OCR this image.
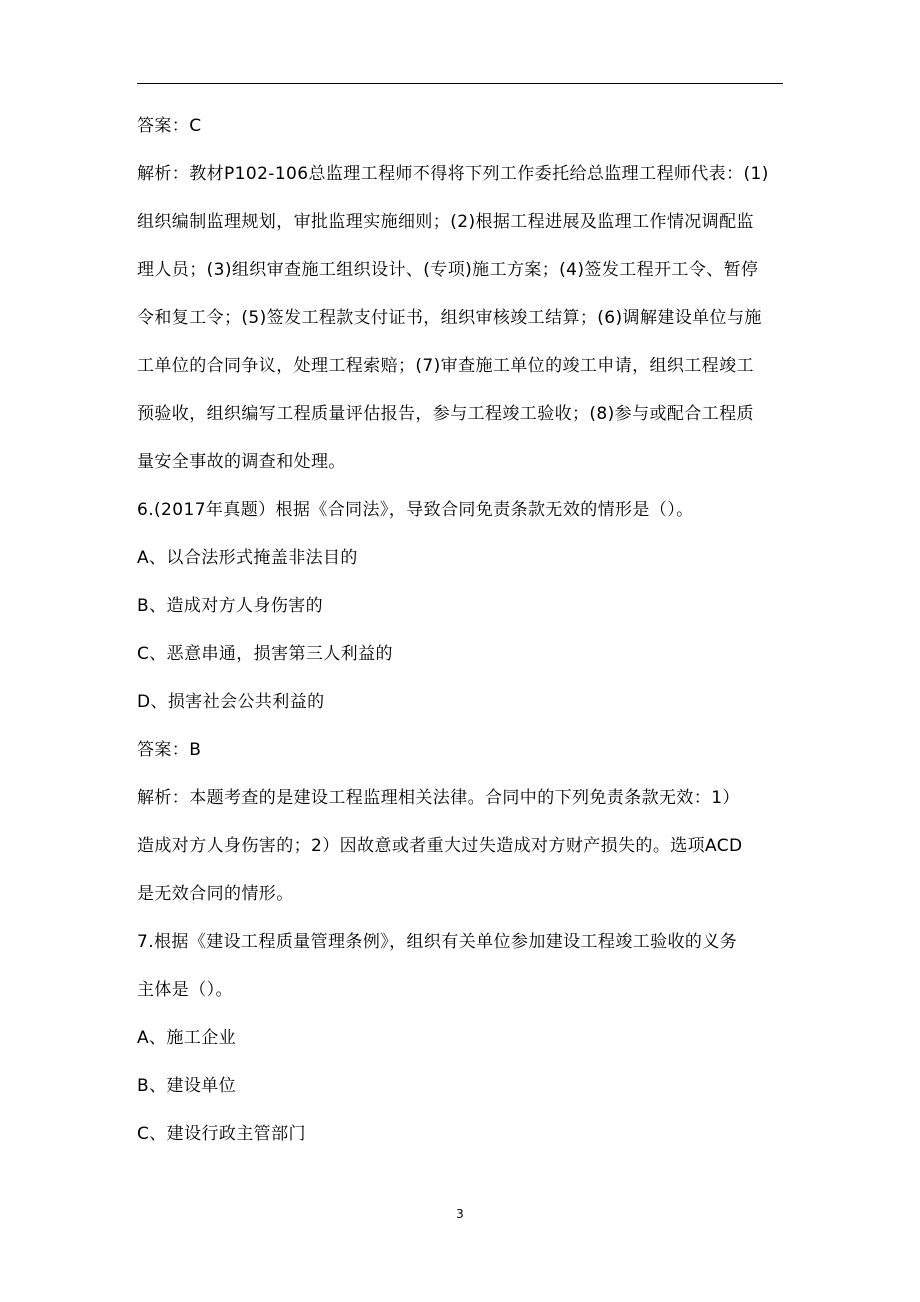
答案：C
解析：教材P102-106总监理工程师不得将下列工作委托给总监理工程师代表：(1)
组织编制监理规划，审批监理实施细则；(2)根据工程进展及监理工作情况调配监
理人员；(3)组织审查施工组织设计、(专项)施工方案；(4)签发工程开工令、暂停
令和复工令；(5)签发工程款支付证书，组织审核竣工结算；(6)调解建设单位与施
工单位的合同争议，处理工程索赔；(7)审查施工单位的竣工申请，组织工程竣工
预验收，组织编写工程质量评估报告，参与工程竣工验收；(8)参与或配合工程质
量安全事故的调查和处理。
6.(2017年真题）根据《合同法》，导致合同免责条款无效的情形是（）。
A、以合法形式掩盖非法目的
B、造成对方人身伤害的
C、恶意串通，损害第三人利益的
D、损害社会公共利益的
答案：B
解析：本题考查的是建设工程监理相关法律。合同中的下列免责条款无效：1）
造成对方人身伤害的；2）因故意或者重大过失造成对方财产损失的。选项ACD
是无效合同的情形。
7.根据《建设工程质量管理条例》，组织有关单位参加建设工程竣工验收的义务
主体是（）。
A、施工企业
B、建设单位
C、建设行政主管部门
3
